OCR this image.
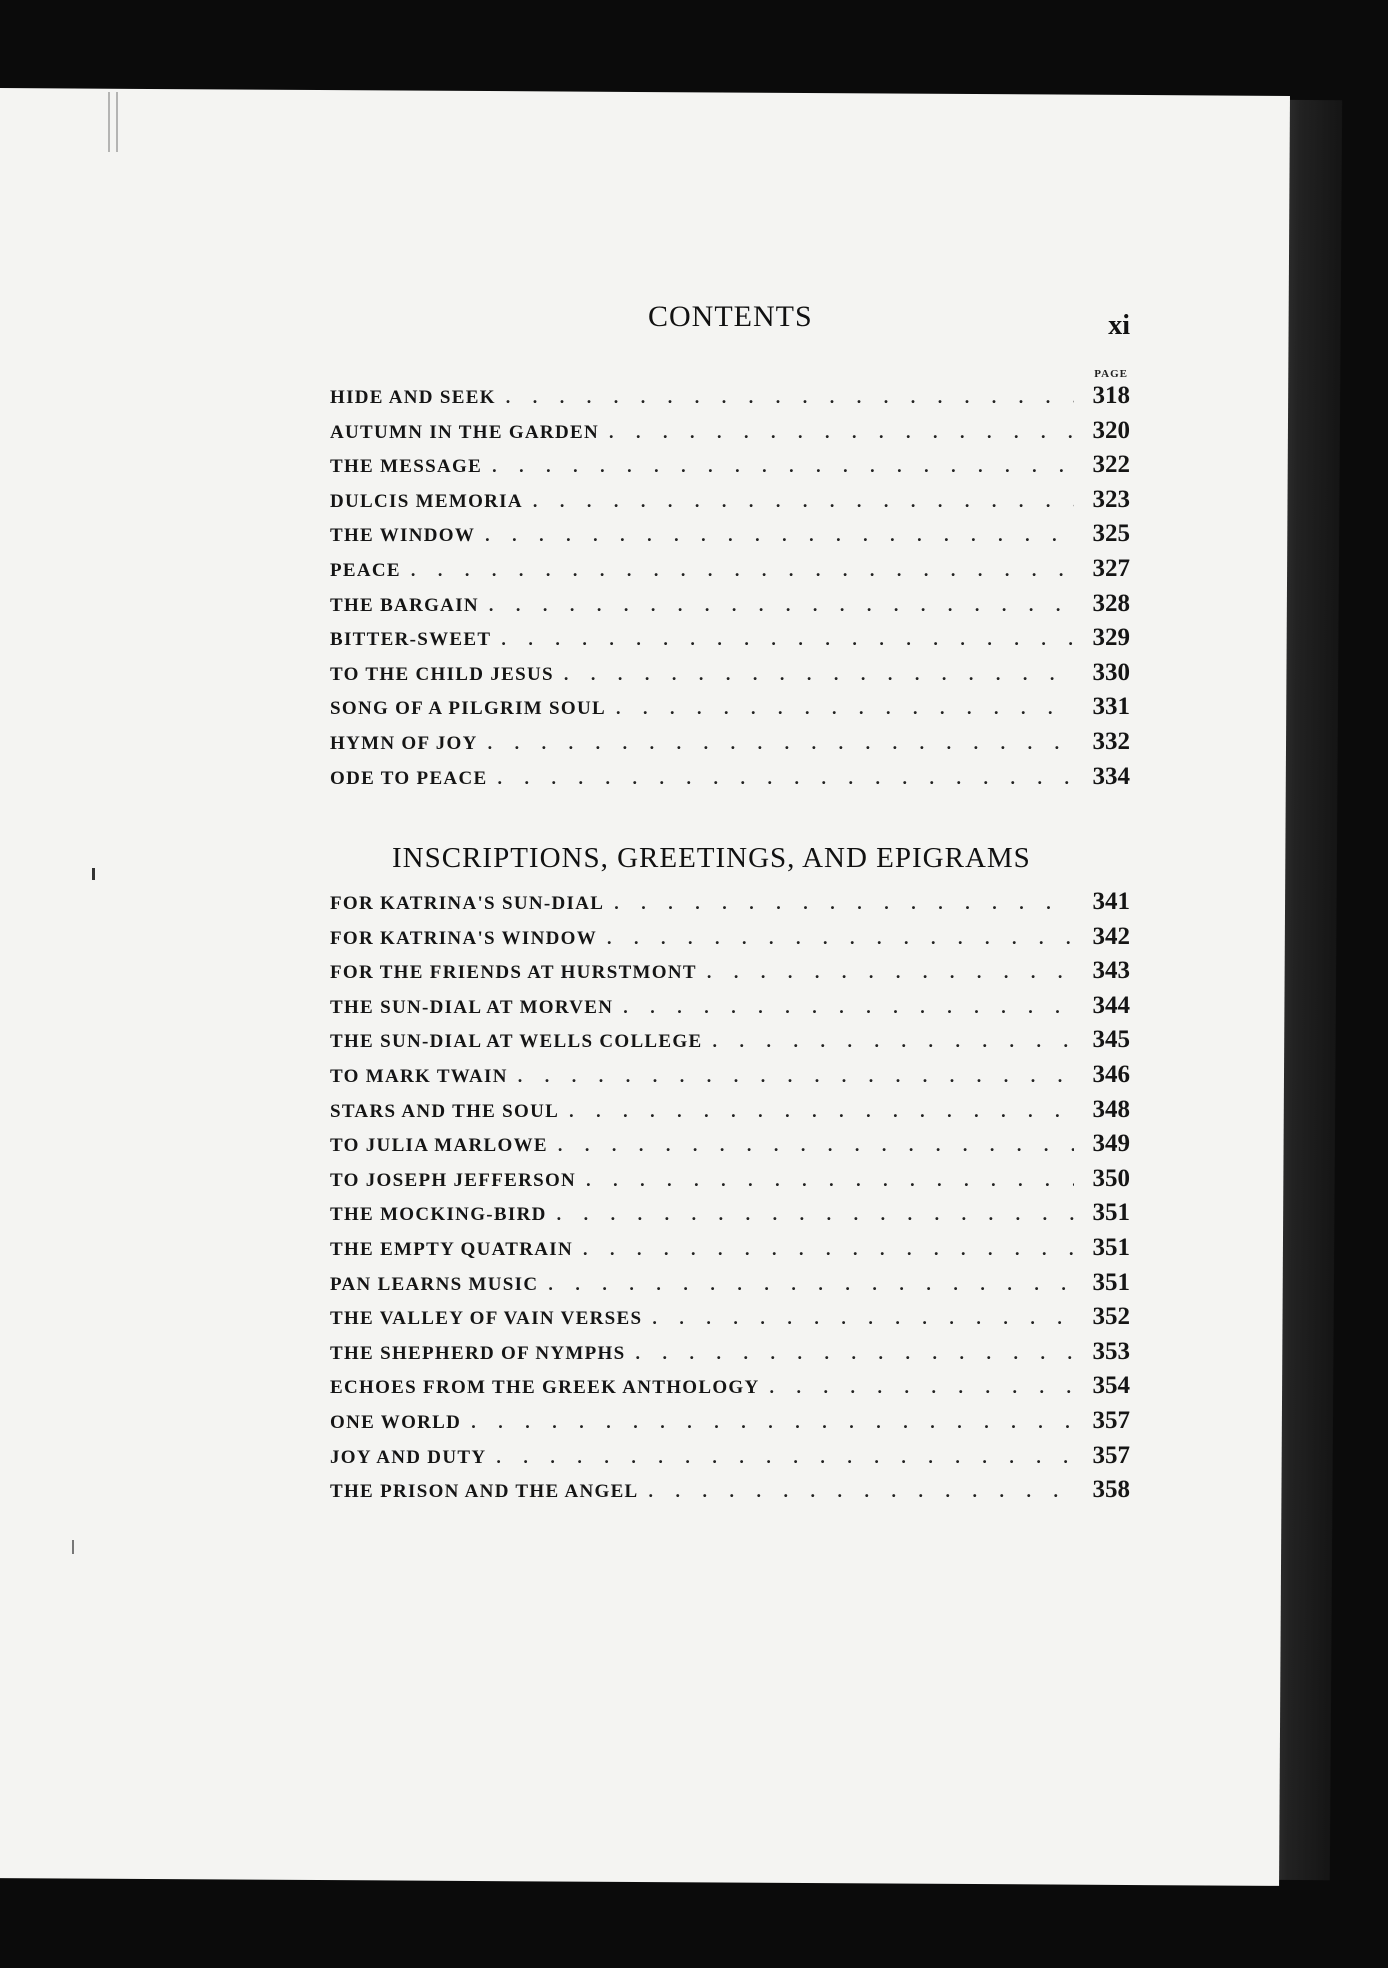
CONTENTS	xi
PAGE
HIDE AND SEEK . . .	318
AUTUMN IN THE GARDEN . . .	320
THE MESSAGE . . .	322
DULCIS MEMORIA . . .	323
THE WINDOW . . .	325
PEACE . . .	327
THE BARGAIN . . .	328
BITTER-SWEET . . .	329
TO THE CHILD JESUS . . .	330
SONG OF A PILGRIM SOUL . . .	331
HYMN OF JOY . . .	332
ODE TO PEACE . . .	334
INSCRIPTIONS, GREETINGS, AND EPIGRAMS
FOR KATRINA'S SUN-DIAL . . .	341
FOR KATRINA'S WINDOW . . .	342
FOR THE FRIENDS AT HURSTMONT . . .	343
THE SUN-DIAL AT MORVEN . . .	344
THE SUN-DIAL AT WELLS COLLEGE . . .	345
TO MARK TWAIN . . .	346
STARS AND THE SOUL . . .	348
TO JULIA MARLOWE . . .	349
TO JOSEPH JEFFERSON . . .	350
THE MOCKING-BIRD . . .	351
THE EMPTY QUATRAIN . . .	351
PAN LEARNS MUSIC . . .	351
THE VALLEY OF VAIN VERSES . . .	352
THE SHEPHERD OF NYMPHS . . .	353
ECHOES FROM THE GREEK ANTHOLOGY . . .	354
ONE WORLD . . .	357
JOY AND DUTY . . .	357
THE PRISON AND THE ANGEL . . .	358
